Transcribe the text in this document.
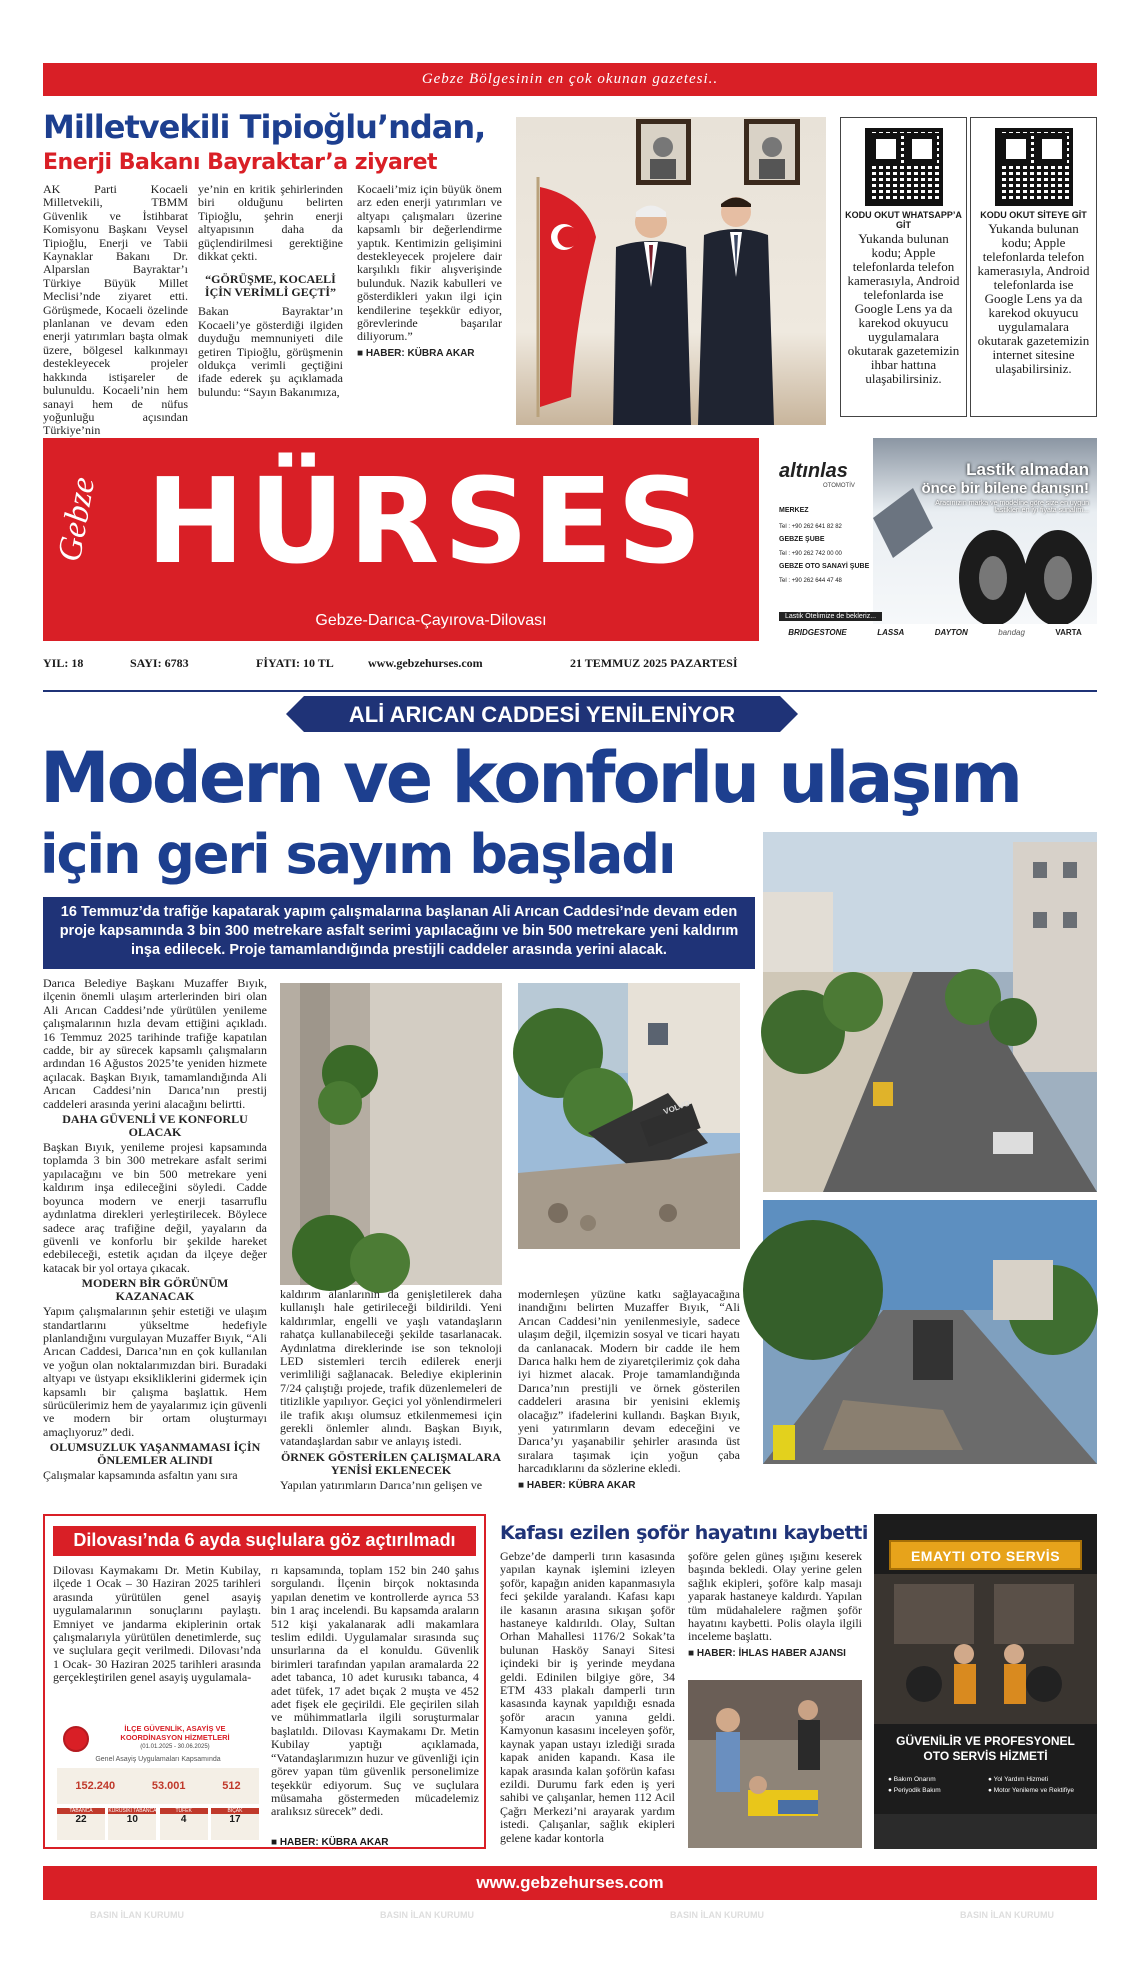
Gebze Bölgesinin en çok okunan gazetesi..
Milletvekili Tipioğlu’ndan,
Enerji Bakanı Bayraktar’a ziyaret

AK Parti Kocaeli Milletvekili, TBMM Güvenlik ve İstihbarat Komisyonu Başkanı Veysel Tipioğlu, Enerji ve Tabii Kaynaklar Bakanı Dr. Alparslan Bayraktar’ı Türkiye Büyük Millet Meclisi’nde ziyaret etti. Görüşmede, Kocaeli özelinde planlanan ve devam eden enerji yatırımları başta olmak üzere, bölgesel kalkınmayı destekleyecek projeler hakkında istişareler de bulunuldu. Kocaeli’nin hem sanayi hem de nüfus yoğunluğu açısından Türkiye’nin

ye’nin en kritik şehirlerinden biri olduğunu belirten Tipioğlu, şehrin enerji altyapısının daha da güçlendirilmesi gerektiğine dikkat çekti.

“GÖRÜŞME, KOCAELİ İÇİN VERİMLİ GEÇTİ”

Bakan Bayraktar’ın Kocaeli’ye gösterdiği ilgiden duyduğu memnuniyeti dile getiren Tipioğlu, görüşmenin oldukça verimli geçtiğini ifade ederek şu açıklamada bulundu: “Sayın Bakanımıza,

Kocaeli’miz için büyük önem arz eden enerji yatırımları ve altyapı çalışmaları üzerine kapsamlı bir değerlendirme yaptık. Kentimizin gelişimini destekleyecek projelere dair karşılıklı fikir alışverişinde bulunduk. Nazik kabulleri ve gösterdikleri yakın ilgi için kendilerine teşekkür ediyor, görevlerinde başarılar diliyorum.”

■ HABER: KÜBRA AKAR
KODU OKUT WHATSAPP’A GİT
Yukanda bulunan kodu; Apple telefonlarda telefon kamerasıyla, Android telefonlarda ise Google Lens ya da karekod okuyucu uygulamalara okutarak gazetemizin ihbar hattına ulaşabilirsiniz.
KODU OKUT SİTEYE GİT
Yukanda bulunan kodu; Apple telefonlarda telefon kamerasıyla, Android telefonlarda ise Google Lens ya da karekod okuyucu uygulamalara okutarak gazetemizin internet sitesine ulaşabilirsiniz.
Gebze HÜRSES
Gebze-Darıca-Çayırova-Dilovası
altınlas
OTOMOTİV
MERKEZ
Tel : +90 262 641 82 82
GEBZE ŞUBE
Tel : +90 262 742 00 00
GEBZE OTO SANAYİ ŞUBE
Tel : +90 262 644 47 48
Lastik almadan
önce bir bilene danışın!
Aracınızın marka ve modeline göre size en uygun lastikleri en iyi fiyata sunalım...
Lastik Ötelimize de bekleriz...
BRIDGESTONE	LASSA	DAYTON	bandag	VARTA
YIL: 18	SAYI: 6783	FİYATI: 10 TL	www.gebzehurses.com	21 TEMMUZ 2025 PAZARTESİ
ALİ ARICAN CADDESİ YENİLENİYOR
Modern ve konforlu ulaşım
için geri sayım başladı
16 Temmuz’da trafiğe kapatarak yapım çalışmalarına başlanan Ali Arıcan Caddesi’nde devam eden proje kapsamında 3 bin 300 metrekare asfalt serimi yapılacağını ve bin 500 metrekare yeni kaldırım inşa edilecek. Proje tamamlandığında prestijli caddeler arasında yerini alacak.
VOLVO

Darıca Belediye Başkanı Muzaffer Bıyık, ilçenin önemli ulaşım arterlerinden biri olan Ali Arıcan Caddesi’nde yürütülen yenileme çalışmalarının hızla devam ettiğini açıkladı. 16 Temmuz 2025 tarihinde trafiğe kapatılan cadde, bir ay sürecek kapsamlı çalışmaların ardından 16 Ağustos 2025’te yeniden hizmete açılacak. Başkan Bıyık, tamamlandığında Ali Arıcan Caddesi’nin Darıca’nın prestij caddeleri arasında yerini alacağını belirtti.

DAHA GÜVENLİ VE KONFORLU OLACAK

Başkan Bıyık, yenileme projesi kapsamında toplamda 3 bin 300 metrekare asfalt serimi yapılacağını ve bin 500 metrekare yeni kaldırım inşa edileceğini söyledi. Cadde boyunca modern ve enerji tasarruflu aydınlatma direkleri yerleştirilecek. Böylece sadece araç trafiğine değil, yayaların da güvenli ve konforlu bir şekilde hareket edebileceği, estetik açıdan da ilçeye değer katacak bir yol ortaya çıkacak.

MODERN BİR GÖRÜNÜM KAZANACAK

Yapım çalışmalarının şehir estetiği ve ulaşım standartlarını yükseltme hedefiyle planlandığını vurgulayan Muzaffer Bıyık, “Ali Arıcan Caddesi, Darıca’nın en çok kullanılan ve yoğun olan noktalarımızdan biri. Buradaki altyapı ve üstyapı eksikliklerini gidermek için kapsamlı bir çalışma başlattık. Hem sürücülerimiz hem de yayalarımız için güvenli ve modern bir ortam oluşturmayı amaçlıyoruz” dedi.

OLUMSUZLUK YAŞANMAMASI İÇİN ÖNLEMLER ALINDI

Çalışmalar kapsamında asfaltın yanı sıra

kaldırım alanlarının da genişletilerek daha kullanışlı hale getirileceği bildirildi. Yeni kaldırımlar, engelli ve yaşlı vatandaşların rahatça kullanabileceği şekilde tasarlanacak. Aydınlatma direklerinde ise son teknoloji LED sistemleri tercih edilerek enerji verimliliği sağlanacak. Belediye ekiplerinin 7/24 çalıştığı projede, trafik düzenlemeleri de titizlikle yapılıyor. Geçici yol yönlendirmeleri ile trafik akışı olumsuz etkilenmemesi için gerekli önlemler alındı. Başkan Bıyık, vatandaşlardan sabır ve anlayış istedi.

ÖRNEK GÖSTERİLEN ÇALIŞMALARA YENİSİ EKLENECEK

Yapılan yatırımların Darıca’nın gelişen ve

modernleşen yüzüne katkı sağlayacağına inandığını belirten Muzaffer Bıyık, “Ali Arıcan Caddesi’nin yenilenmesiyle, sadece ulaşım değil, ilçemizin sosyal ve ticari hayatı da canlanacak. Modern bir cadde ile hem Darıca halkı hem de ziyaretçilerimiz çok daha iyi hizmet alacak. Proje tamamlandığında Darıca’nın prestijli ve örnek gösterilen caddeleri arasına bir yenisini eklemiş olacağız” ifadelerini kullandı. Başkan Bıyık, yeni yatırımların devam edeceğini ve Darıca’yı yaşanabilir şehirler arasında üst sıralara taşımak için yoğun çaba harcadıklarını da sözlerine ekledi.

■ HABER: KÜBRA AKAR
Dilovası’nda 6 ayda suçlulara göz açtırılmadı

Dilovası Kaymakamı Dr. Metin Kubilay, ilçede 1 Ocak – 30 Haziran 2025 tarihleri arasında yürütülen genel asayiş uygulamalarının sonuçlarını paylaştı. Emniyet ve jandarma ekiplerinin ortak çalışmalarıyla yürütülen denetimlerde, suç ve suçlulara geçit verilmedi. Dilovası’nda 1 Ocak- 30 Haziran 2025 tarihleri arasında gerçekleştirilen genel asayiş uygulamala-

rı kapsamında, toplam 152 bin 240 şahıs sorgulandı. İlçenin birçok noktasında yapılan denetim ve kontrollerde ayrıca 53 bin 1 araç incelendi. Bu kapsamda araların 512 kişi yakalanarak adli makamlara teslim edildi. Uygulamalar sırasında suç unsurlarına da el konuldu. Güvenlik birimleri tarafından yapılan aramalarda 22 adet tabanca, 10 adet kurusıkı tabanca, 4 adet tüfek, 17 adet bıçak 2 muşta ve 452 adet fişek ele geçirildi. Ele geçirilen silah ve mühimmatlarla ilgili soruşturmalar başlatıldı. Dilovası Kaymakamı Dr. Metin Kubilay yaptığı açıklamada, “Vatandaşlarımızın huzur ve güvenliği için görev yapan tüm güvenlik personelimize teşekkür ediyorum. Suç ve suçlulara müsamaha göstermeden mücadelemiz aralıksız sürecek” dedi.

■ HABER: KÜBRA AKAR
İLÇE GÜVENLİK, ASAYİŞ VE KOORDİNASYON HİZMETLERİ
(01.01.2025 - 30.06.2025)
Genel Asayiş Uygulamaları Kapsamında
152.240	53.001	512
TABANCA
22
KURUSIKI TABANCA
10
TÜFEK
4
BIÇAK
17
Kafası ezilen şoför hayatını kaybetti

Gebze’de damperli tırın kasasında yapılan kaynak işlemini izleyen şoför, kapağın aniden kapanmasıyla feci şekilde yaralandı. Kafası kapı ile kasanın arasına sıkışan şoför hastaneye kaldırıldı. Olay, Sultan Orhan Mahallesi 1176/2 Sokak’ta bulunan Hasköy Sanayi Sitesi içindeki bir iş yerinde meydana geldi. Edinilen bilgiye göre, 34 ETM 433 plakalı damperli tırın kasasında kaynak yapıldığı esnada şoför aracın yanına geldi. Kamyonun kasasını inceleyen şoför, kaynak yapan ustayı izlediği sırada kapak aniden kapandı. Kasa ile kapak arasında kalan şoförün kafası ezildi. Durumu fark eden iş yeri sahibi ve çalışanlar, hemen 112 Acil Çağrı Merkezi’ni arayarak yardım istedi. Çalışanlar, sağlık ekipleri gelene kadar kontorla

şoföre gelen güneş ışığını keserek başında bekledi. Olay yerine gelen sağlık ekipleri, şoföre kalp masajı yaparak hastaneye kaldırdı. Yapılan tüm müdahalelere rağmen şoför hayatını kaybetti. Polis olayla ilgili inceleme başlattı.

■ HABER: İHLAS HABER AJANSI
EMAYTI OTO SERVİS
GÜVENİLİR VE PROFESYONEL OTO SERVİS HİZMETİ
● Bakım Onarım	● Yol Yardım Hizmeti
● Periyodik Bakım	● Motor Yenileme ve Rektifiye
www.gebzehurses.com
BASIN İLAN KURUMU	BASIN İLAN KURUMU	BASIN İLAN KURUMU	BASIN İLAN KURUMU
